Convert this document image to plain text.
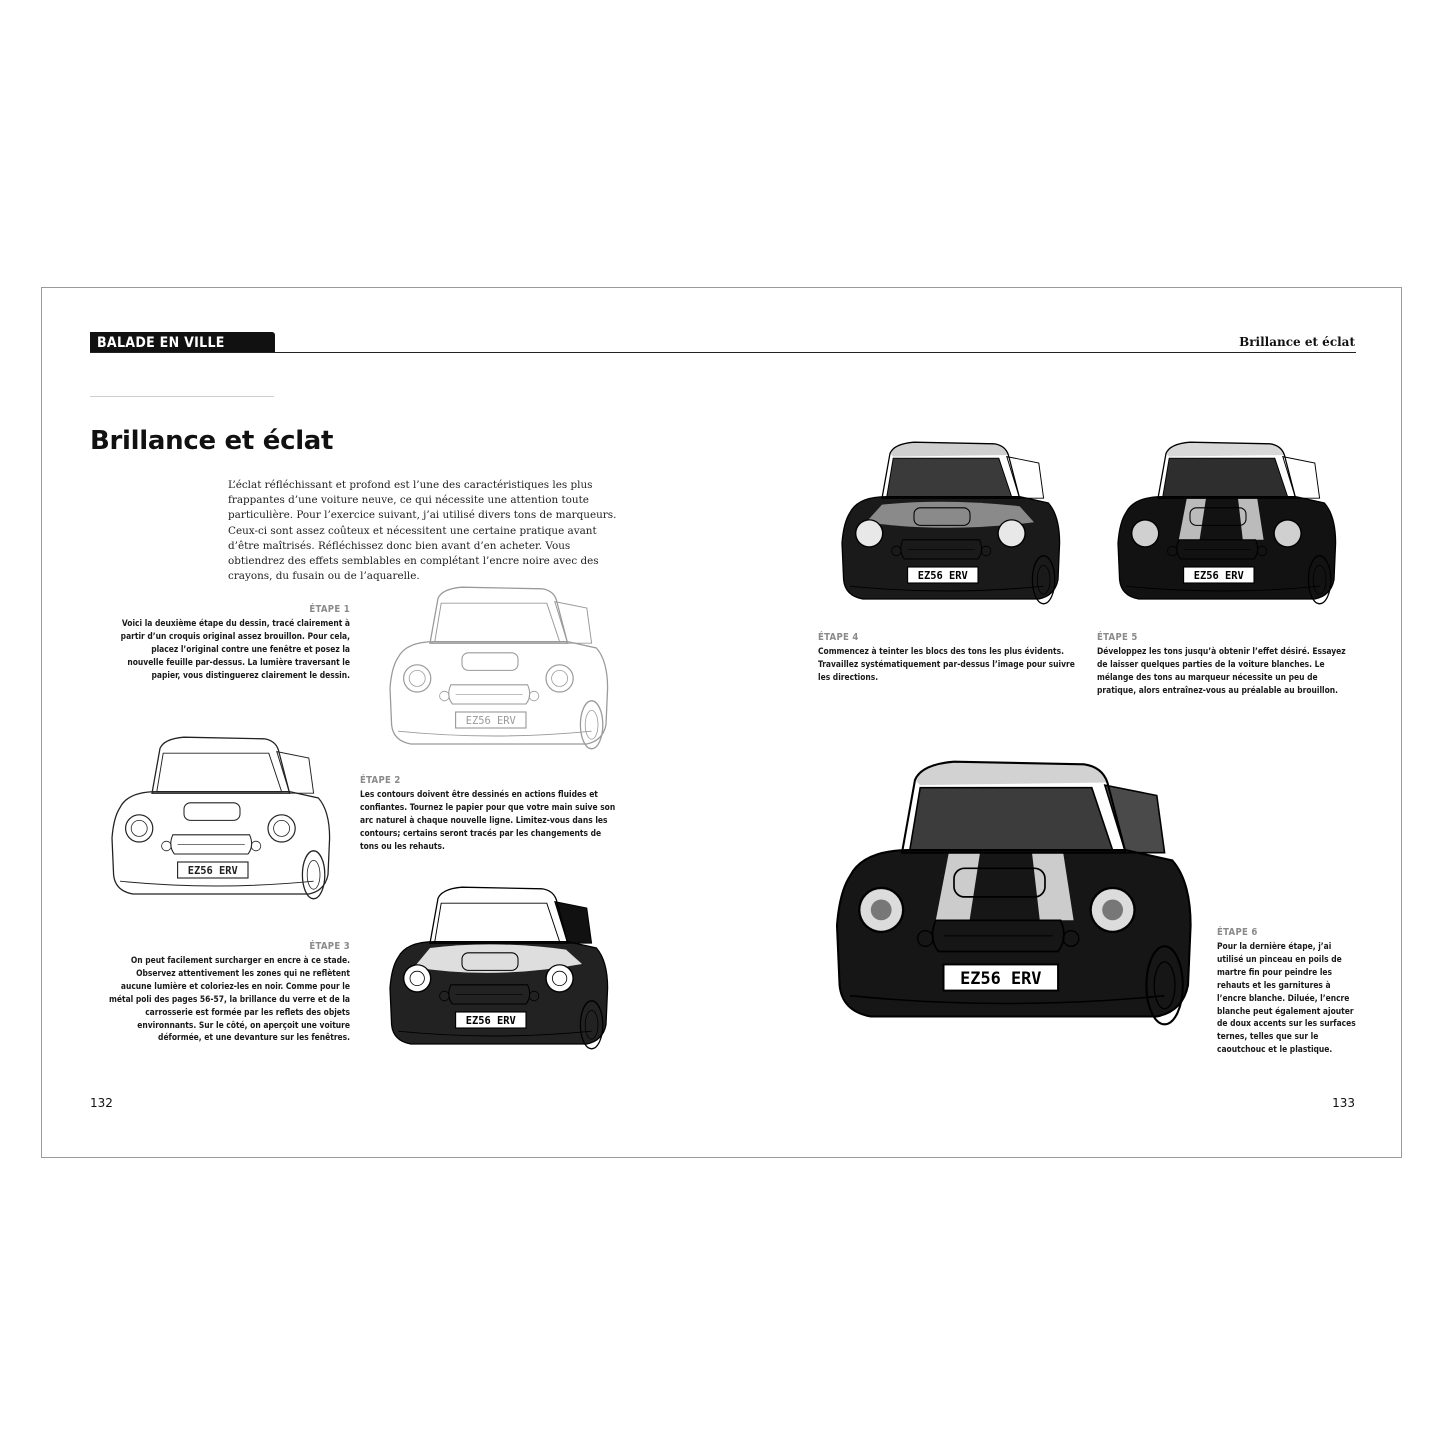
BALADE EN VILLE	Brillance et éclat
Brillance et éclat
L’éclat réfléchissant et profond est l’une des caractéristiques les plus frappantes d’une voiture neuve, ce qui nécessite une attention toute particulière. Pour l’exercice suivant, j’ai utilisé divers tons de marqueurs. Ceux-ci sont assez coûteux et nécessitent une certaine pratique avant d’être maîtrisés. Réfléchissez donc bien avant d’en acheter. Vous obtiendrez des effets semblables en complétant l’encre noire avec des crayons, du fusain ou de l’aquarelle.
ÉTAPE 1
Voici la deuxième étape du dessin, tracé clairement à partir d’un croquis original assez brouillon. Pour cela, placez l’original contre une fenêtre et posez la nouvelle feuille par-dessus. La lumière traversant le papier, vous distinguerez clairement le dessin.
ÉTAPE 2
Les contours doivent être dessinés en actions fluides et confiantes. Tournez le papier pour que votre main suive son arc naturel à chaque nouvelle ligne. Limitez-vous dans les contours; certains seront tracés par les changements de tons ou les rehauts.
ÉTAPE 3
On peut facilement surcharger en encre à ce stade. Observez attentivement les zones qui ne reflètent aucune lumière et coloriez-les en noir. Comme pour le métal poli des pages 56-57, la brillance du verre et de la carrosserie est formée par les reflets des objets environnants. Sur le côté, on aperçoit une voiture déformée, et une devanture sur les fenêtres.
ÉTAPE 4
Commencez à teinter les blocs des tons les plus évidents. Travaillez systématiquement par-dessus l’image pour suivre les directions.
ÉTAPE 5
Développez les tons jusqu’à obtenir l’effet désiré. Essayez de laisser quelques parties de la voiture blanches. Le mélange des tons au marqueur nécessite un peu de pratique, alors entraînez-vous au préalable au brouillon.
ÉTAPE 6
Pour la dernière étape, j’ai utilisé un pinceau en poils de martre fin pour peindre les rehauts et les garnitures à l’encre blanche. Diluée, l’encre blanche peut également ajouter de doux accents sur les surfaces ternes, telles que sur le caoutchouc et le plastique.
132	133
EZ56 ERV
EZ56 ERV
EZ56 ERV
EZ56 ERV	EZ56 ERV
EZ56 ERV
